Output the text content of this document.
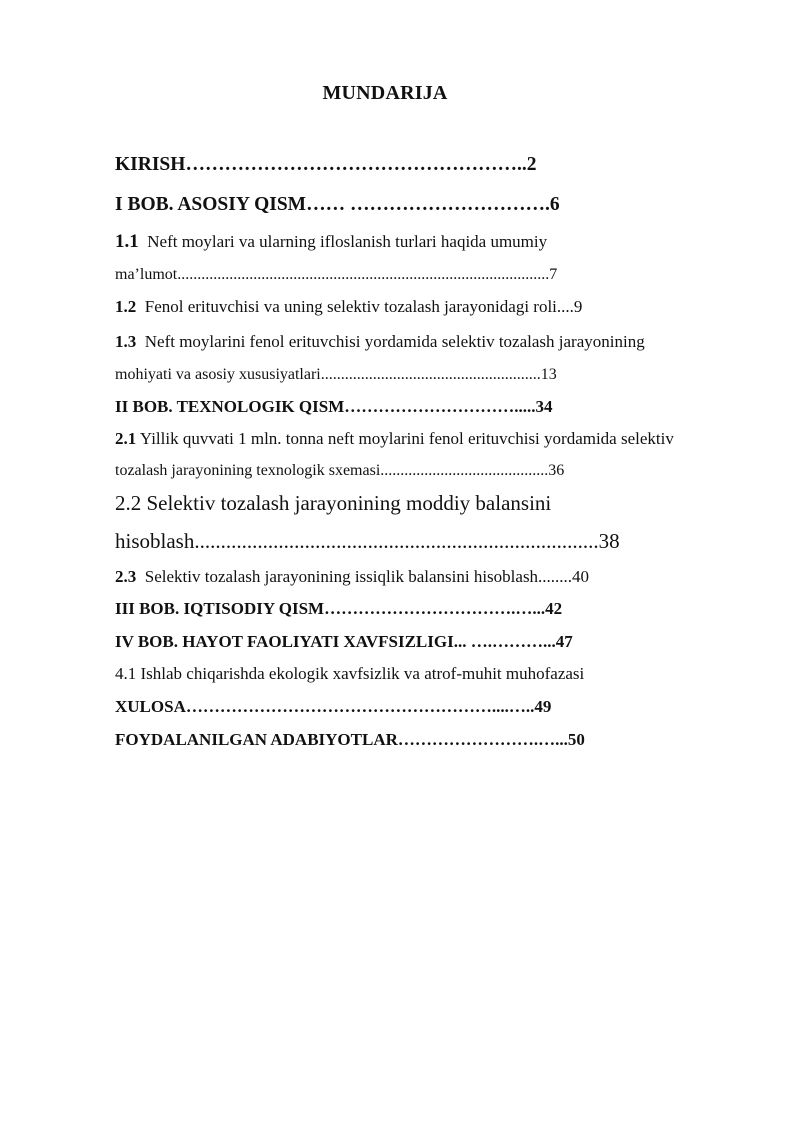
MUNDARIJA
KIRISH……………………………………………..2
I BOB. ASOSIY QISM…… ………………………….6
1.1 Neft moylari va ularning ifloslanish turlari haqida umumiy
ma’lumot.............................................................................................7
1.2 Fenol erituvchisi va uning selektiv tozalash jarayonidagi roli....9
1.3 Neft moylarini fenol erituvchisi yordamida selektiv tozalash jarayonining
mohiyati va asosiy xususiyatlari.......................................................13
II BOB. TEXNOLOGIK QISM………………………….....34
2.1 Yillik quvvati 1 mln. tonna neft moylarini fenol erituvchisi yordamida selektiv
tozalash jarayonining texnologik sxemasi..........................................36
2.2 Selektiv tozalash jarayonining moddiy balansini
hisoblash.............................................................................38
2.3 Selektiv tozalash jarayonining issiqlik balansini hisoblash........40
III BOB. IQTISODIY QISM…………………………….…...42
IV BOB. HAYOT FAOLIYATI XAVFSIZLIGI... ….………...47
4.1 Ishlab chiqarishda ekologik xavfsizlik va atrof-muhit muhofazasi
XULOSA………………………………………………....…..49
FOYDALANILGAN ADABIYOTLAR…………………….…...50
